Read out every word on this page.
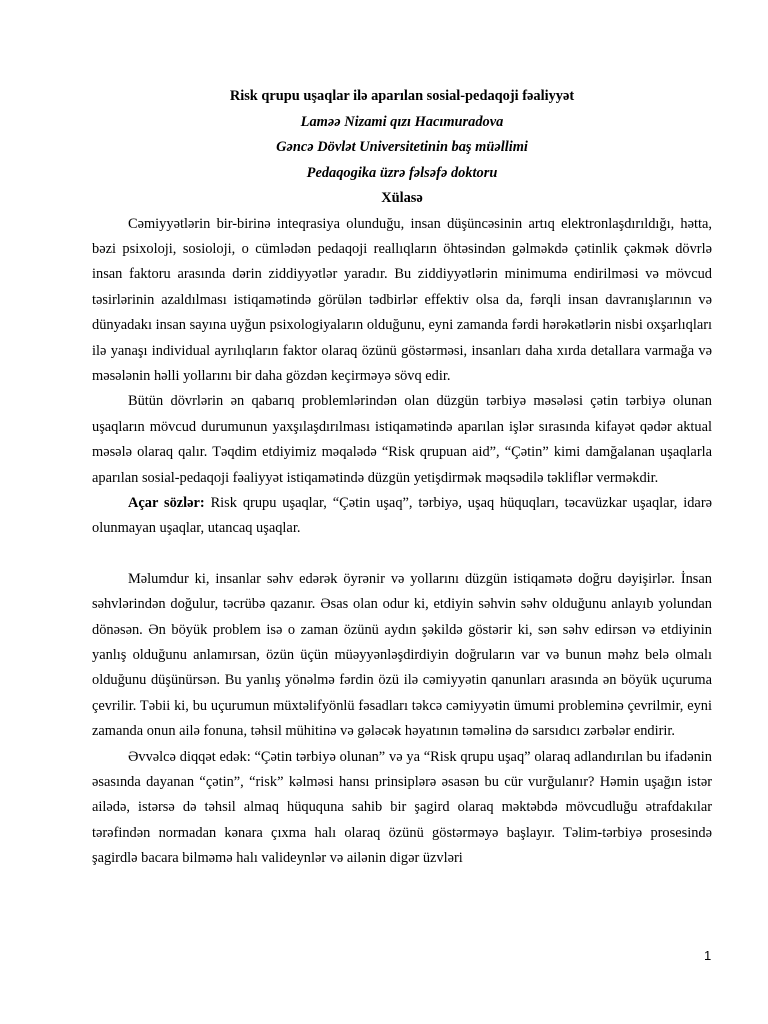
Risk qrupu uşaqlar ilə aparılan sosial-pedaqoji fəaliyyət
Laməə Nizami qızı Hacımuradova
Gəncə Dövlət Universitetinin baş müəllimi
Pedaqogika üzrə fəlsəfə doktoru
Xülasə

Cəmiyyətlərin bir-birinə inteqrasiya olunduğu, insan düşüncəsinin artıq elektronlaşdırıldığı, həttа, bəzi psixoloji, sosioloji, o cümlədən pedaqoji reallıqların öhtəsindən gəlməkdə çətinlik çəkmək dövrlə insan faktoru arasında dərin ziddiyyətlər yaradır. Bu ziddiyyətlərin minimuma endirilməsi və mövcud təsirlərinin azaldılması istiqamətində görülən tədbirlər effektiv olsa da, fərqli insan davranışlarının və dünyadakı insan sayına uyğun psixologiyaların olduğunu, eyni zamanda fərdi hərəkətlərin nisbi oxşarlıqları ilə yanaşı individual ayrılıqların faktor olaraq özünü göstərməsi, insanları daha xırda detallara varmağa və məsələnin həlli yollarını bir daha gözdən keçirməyə sövq edir.

Bütün dövrlərin ən qabarıq problemlərindən olan düzgün tərbiyə məsələsi çətin tərbiyə olunan uşaqların mövcud durumunun yaxşılaşdırılması istiqamətində aparılan işlər sırasında kifayət qədər aktual məsələ olaraq qalır. Təqdim etdiyimiz məqalədə “Risk qrupuan aid”, “Çətin” kimi damğalanan uşaqlarla aparılan sosial-pedaqoji fəaliyyət istiqamətində düzgün yetişdirmək məqsədilə təkliflər verməkdir.

Açar sözlər: Risk qrupu uşaqlar, “Çətin uşaq”, tərbiyə, uşaq hüquqları, təcavüzkar uşaqlar, idarə olunmayan uşaqlar, utancaq uşaqlar.

Məlumdur ki, insanlar səhv edərək öyrənir və yollarını düzgün istiqamətə doğru dəyişirlər. İnsan səhvlərindən doğulur, təcrübə qazanır. Əsas olan odur ki, etdiyin səhvin səhv olduğunu anlayıb yolundan dönəsən. Ən böyük problem isə o zaman özünü aydın şəkildə göstərir ki, sən səhv edirsən və etdiyinin yanlış olduğunu anlamırsan, özün üçün müəyyənləşdirdiyin doğruların var və bunun məhz belə olmalı olduğunu düşünürsən. Bu yanlış yönəlmə fərdin özü ilə cəmiyyətin qanunları arasında ən böyük uçuruma çevrilir. Təbii ki, bu uçurumun müxtəlifyönlü fəsadları təkcə cəmiyyətin ümumi probleminə çevrilmir, eyni zamanda onun ailə fonuna, təhsil mühitinə və gələcək həyatının təməlinə də sarsıdıcı zərbələr endirir.

Əvvəlcə diqqət edək: “Çətin tərbiyə olunan” və ya “Risk qrupu uşaq” olaraq adlandırılan bu ifadənin əsasında dayanan “çətin”, “risk” kəlməsi hansı prinsiplərə əsasən bu cür vurğulanır? Həmin uşağın istər ailədə, istərsə də təhsil almaq hüququna sahib bir şagird olaraq məktəbdə mövcudluğu ətrafdakılar tərəfindən normadan kənara çıxma halı olaraq özünü göstərməyə başlayır. Təlim-tərbiyə prosesində şagirdlə bacara bilməmə halı valideynlər və ailənin digər üzvləri

1
